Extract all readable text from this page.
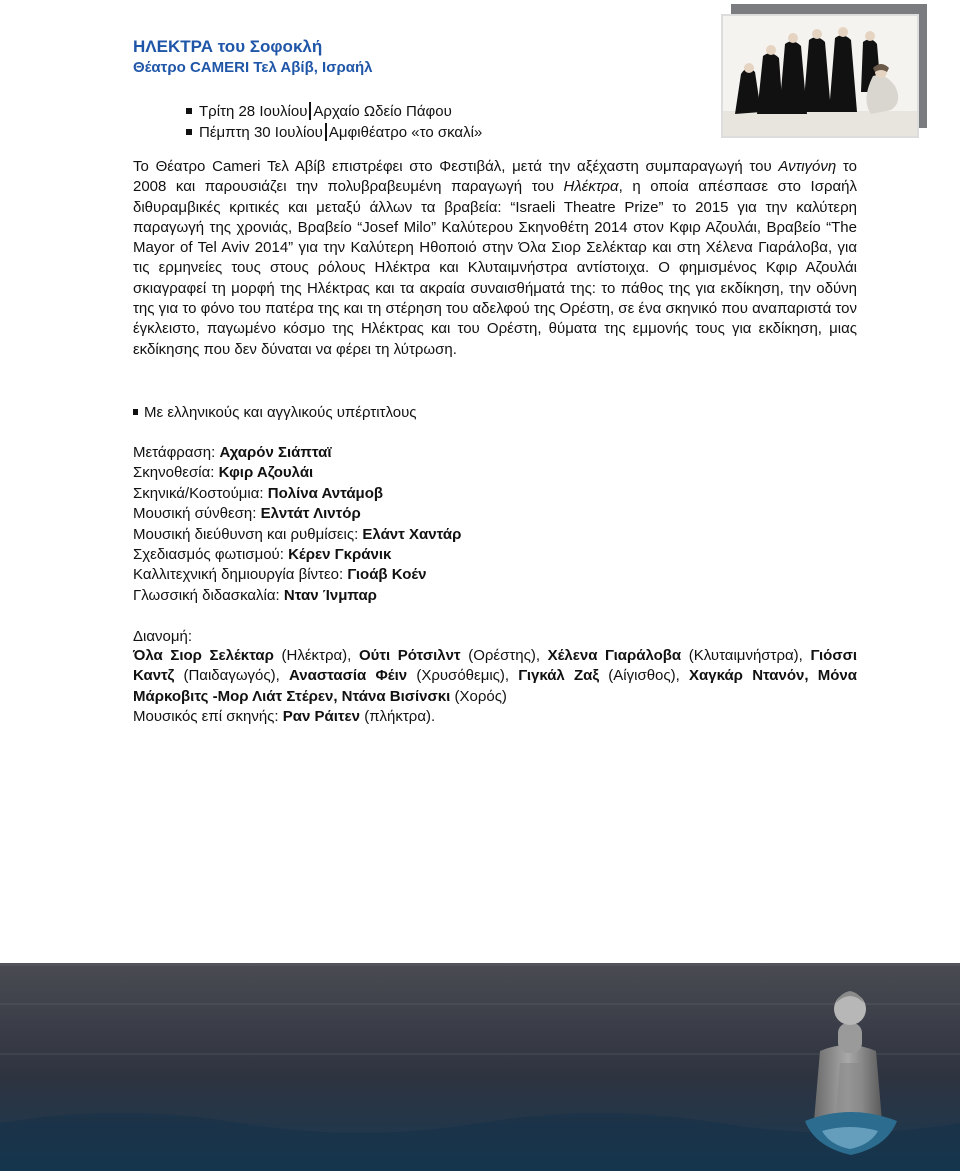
ΗΛΕΚΤΡΑ του Σοφοκλή
Θέατρο CAMERI Τελ Αβίβ, Ισραήλ
Τρίτη 28 Ιουλίου Αρχαίο Ωδείο Πάφου
Πέμπτη 30 Ιουλίου Αμφιθέατρο «το σκαλί»
Το Θέατρο Cameri Τελ Αβίβ επιστρέφει στο Φεστιβάλ, μετά την αξέχαστη συμπαραγωγή του Αντιγόνη το 2008 και παρουσιάζει την πολυβραβευμένη παραγωγή του Ηλέκτρα, η οποία απέσπασε στο Ισραήλ διθυραμβικές κριτικές και μεταξύ άλλων τα βραβεία: “Israeli Theatre Prize” το 2015 για την καλύτερη παραγωγή της χρονιάς, Βραβείο “Josef Milo” Καλύτερου Σκηνοθέτη 2014 στον Κφιρ Αζουλάι, Βραβείο “The Mayor of Tel Aviv 2014” για την Καλύτερη Ηθοποιό στην Όλα Σιορ Σελέκταρ και στη Χέλενα Γιαράλοβα, για τις ερμηνείες τους στους ρόλους Ηλέκτρα και Κλυταιμνήστρα αντίστοιχα. Ο φημισμένος Κφιρ Αζουλάι σκιαγραφεί τη μορφή της Ηλέκτρας και τα ακραία συναισθήματά της: το πάθος της για εκδίκηση, την οδύνη της για το φόνο του πατέρα της και τη στέρηση του αδελφού της Ορέστη, σε ένα σκηνικό που αναπαριστά τον έγκλειστο, παγωμένο κόσμο της Ηλέκτρας και του Ορέστη, θύματα της εμμονής τους για εκδίκηση, μιας εκδίκησης που δεν δύναται να φέρει τη λύτρωση.
Με ελληνικούς και αγγλικούς υπέρτιτλους
Μετάφραση: Αχαρόν Σιάπταϊ
Σκηνοθεσία: Κφιρ Αζουλάι
Σκηνικά/Κοστούμια: Πολίνα Αντάμοβ
Μουσική σύνθεση: Ελντάτ Λιντόρ
Μουσική διεύθυνση και ρυθμίσεις: Ελάντ Χαντάρ
Σχεδιασμός φωτισμού: Κέρεν Γκράνικ
Καλλιτεχνική δημιουργία βίντεο: Γιοάβ Κοέν
Γλωσσική διδασκαλία: Νταν Ίνμπαρ
Διανομή:
Όλα Σιορ Σελέκταρ (Ηλέκτρα), Ούτι Ρότσιλντ (Ορέστης), Χέλενα Γιαράλοβα (Κλυταιμνήστρα), Γιόσσι Καντζ (Παιδαγωγός), Αναστασία Φέιν (Χρυσόθεμις), Γιγκάλ Ζαξ (Αίγισθος), Χαγκάρ Ντανόν, Μόνα Μάρκοβιτς -Μορ Λιάτ Στέρεν, Ντάνα Βισίνσκι (Χορός)
Μουσικός επί σκηνής: Ραν Ράιτεν (πλήκτρα).
